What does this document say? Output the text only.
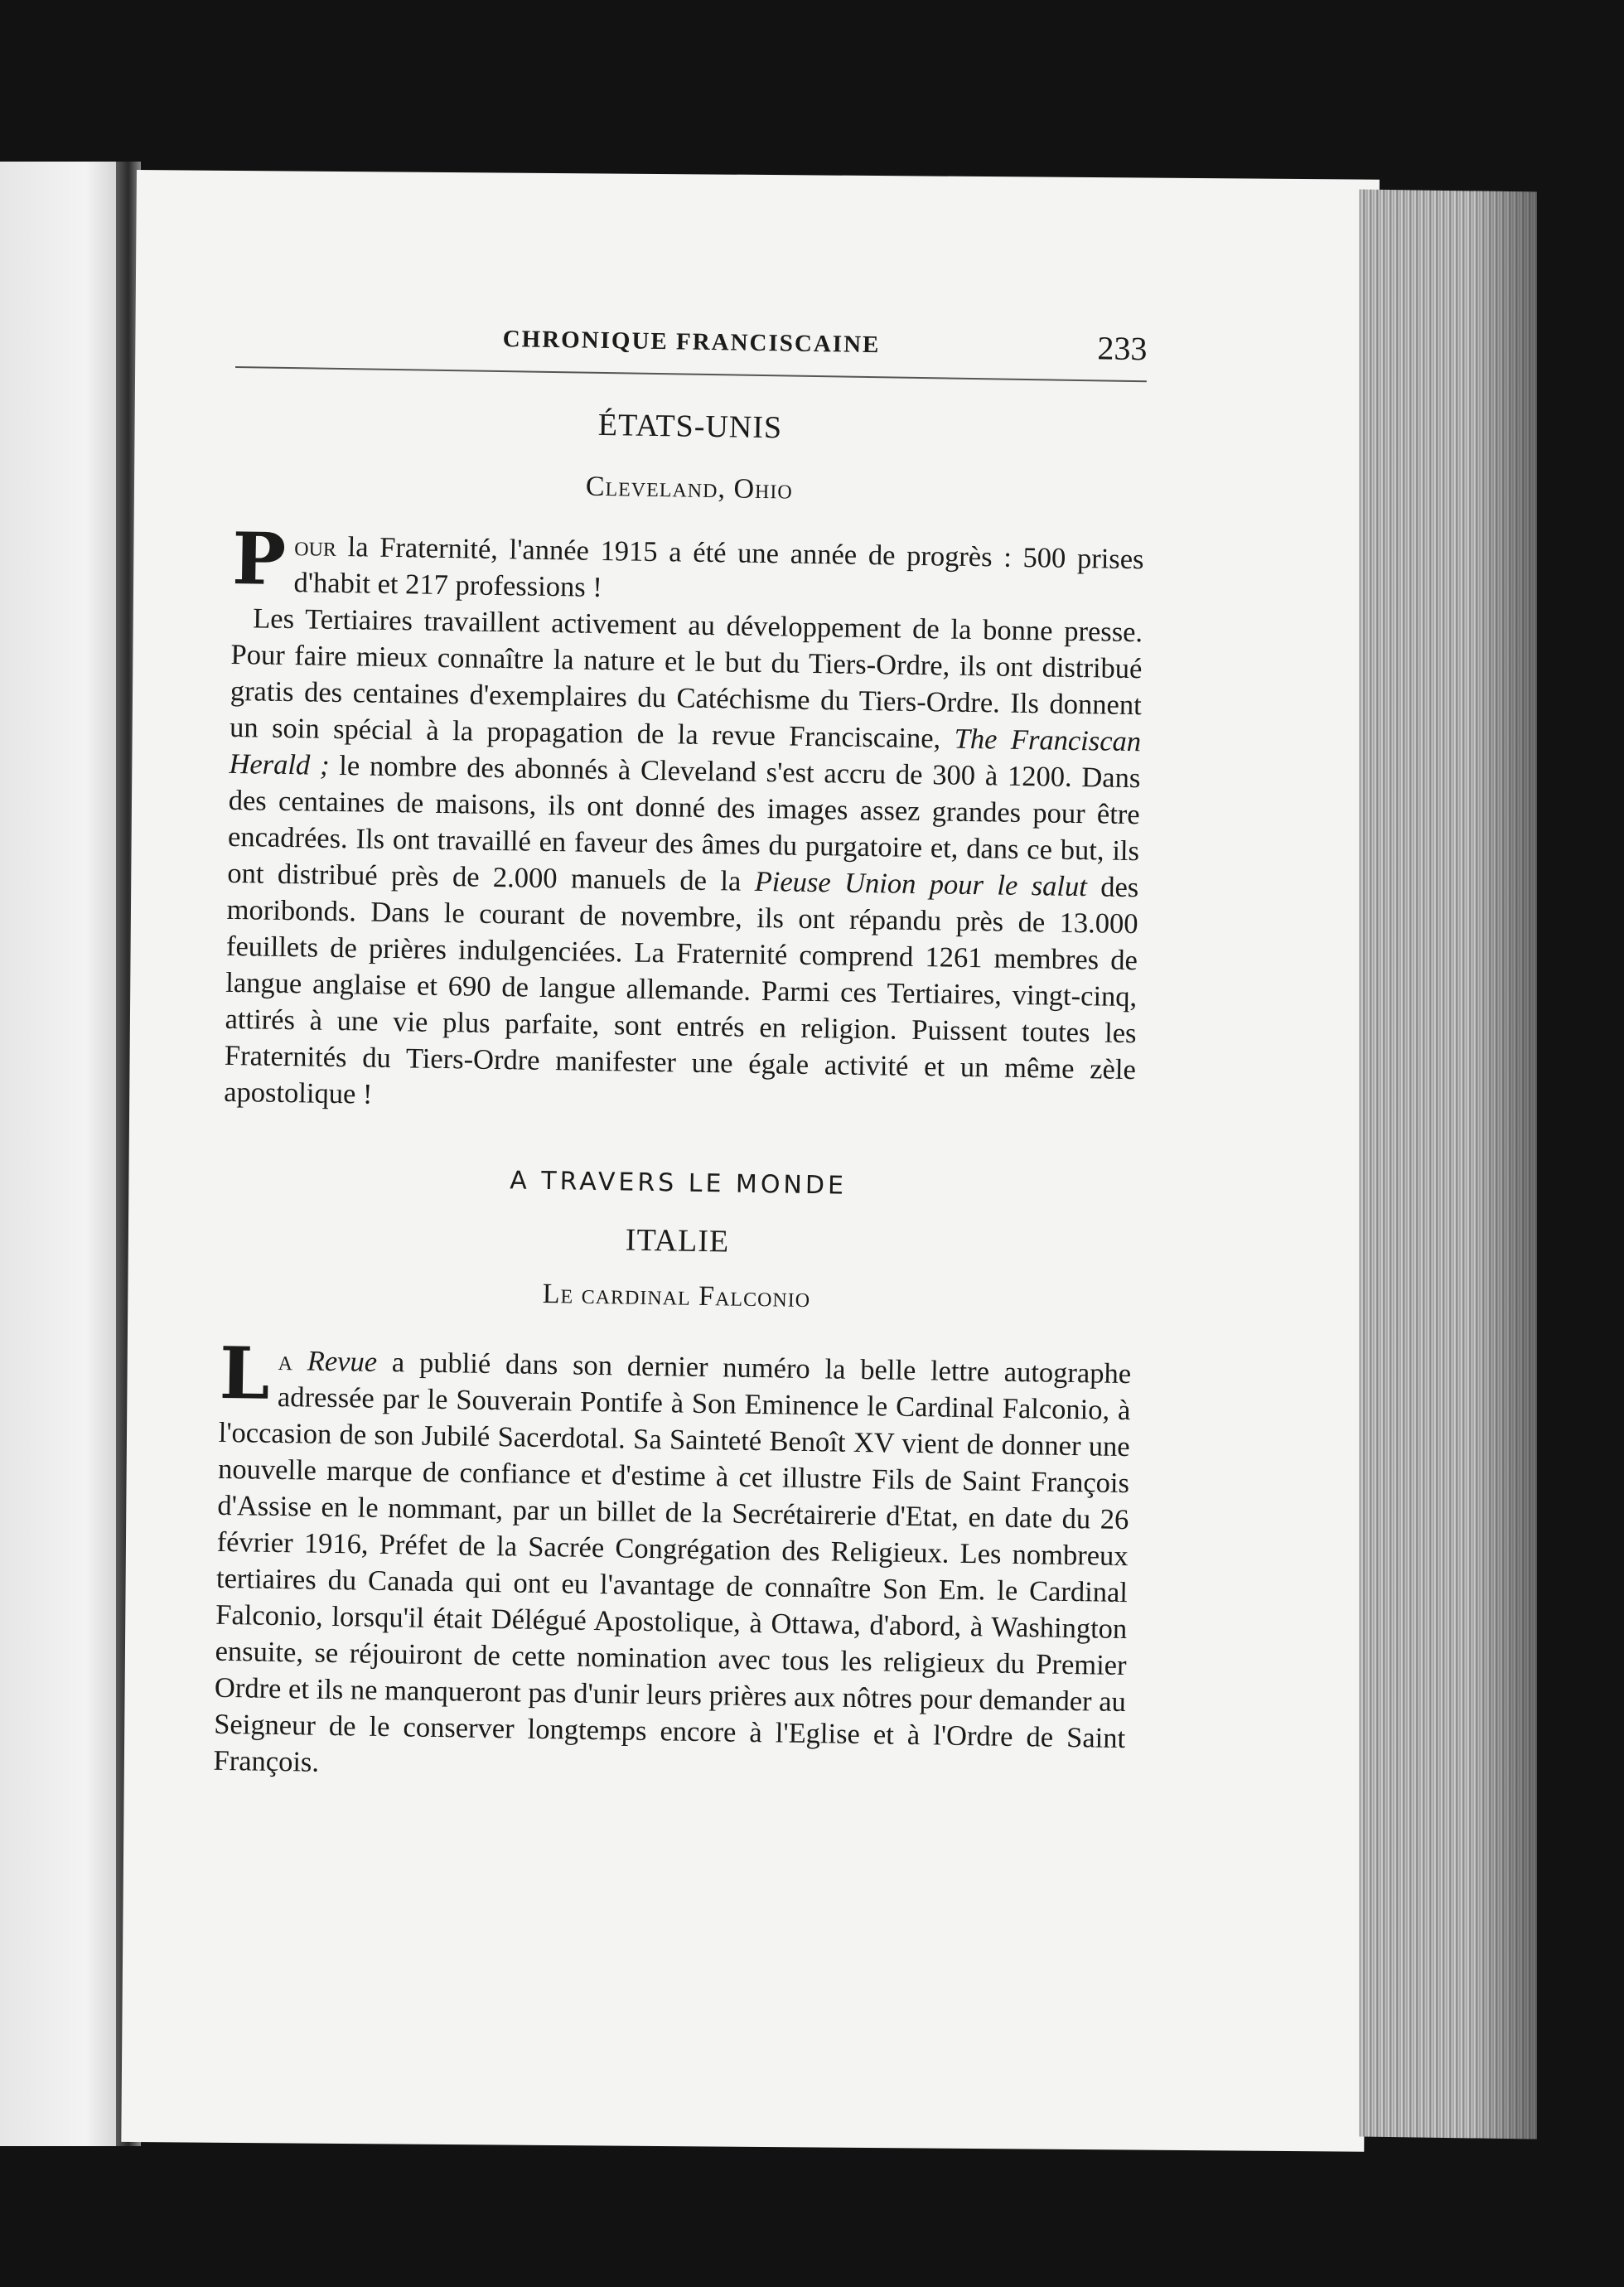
CHRONIQUE FRANCISCAINE	233
ÉTATS-UNIS
Cleveland, Ohio

Pour la Fraternité, l'année 1915 a été une année de progrès : 500 prises d'habit et 217 professions !

Les Tertiaires travaillent activement au développement de la bonne presse. Pour faire mieux connaître la nature et le but du Tiers-Ordre, ils ont distribué gratis des centaines d'exemplaires du Catéchisme du Tiers-Ordre. Ils donnent un soin spécial à la propagation de la revue Franciscaine, The Franciscan Herald ; le nombre des abonnés à Cleveland s'est accru de 300 à 1200. Dans des centaines de maisons, ils ont donné des images assez grandes pour être encadrées. Ils ont travaillé en faveur des âmes du purgatoire et, dans ce but, ils ont distribué près de 2.000 manuels de la Pieuse Union pour le salut des moribonds. Dans le courant de novembre, ils ont répandu près de 13.000 feuillets de prières indulgenciées. La Fraternité comprend 1261 membres de langue anglaise et 690 de langue allemande. Parmi ces Tertiaires, vingt-cinq, attirés à une vie plus parfaite, sont entrés en religion. Puissent toutes les Fraternités du Tiers-Ordre manifester une égale activité et un même zèle apostolique !

A TRAVERS LE MONDE
ITALIE
Le cardinal Falconio

La Revue a publié dans son dernier numéro la belle lettre autographe adressée par le Souverain Pontife à Son Eminence le Cardinal Falconio, à l'occasion de son Jubilé Sacerdotal. Sa Sainteté Benoît XV vient de donner une nouvelle marque de confiance et d'estime à cet illustre Fils de Saint François d'Assise en le nommant, par un billet de la Secrétairerie d'Etat, en date du 26 février 1916, Préfet de la Sacrée Congrégation des Religieux. Les nombreux tertiaires du Canada qui ont eu l'avantage de connaître Son Em. le Cardinal Falconio, lorsqu'il était Délégué Apostolique, à Ottawa, d'abord, à Washington ensuite, se réjouiront de cette nomination avec tous les religieux du Premier Ordre et ils ne manqueront pas d'unir leurs prières aux nôtres pour demander au Seigneur de le conserver longtemps encore à l'Eglise et à l'Ordre de Saint François.
